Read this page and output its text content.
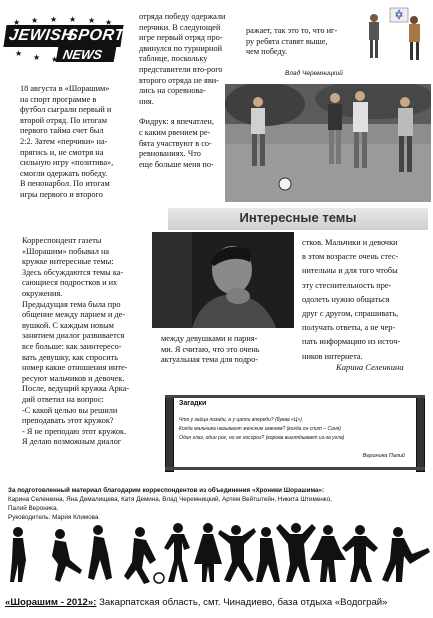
JEWISH
SPORT
NEWS
★ ★ ★ ★ ★ ★
★ ★ ★
18 августа в «Шорашим»
на спорт программе в
футбол сыграли первый и
второй отряд. По итогам
первого тайма счет был
2:2. Затем «перчики» на-
прягись и, не смотря на
сильную игру «позитива»,
смогли одержать победу.
В пенонарбол. По итогам
игры первого и второго
отряда победу одержали
перчики. В следующей
игре первый отряд про-
двинулся по турнирной
таблице, поскольку
представители вто-рого
второго отряда не яви-
лись на соревнова-
ния.
Фидрук: я впечатлен,
с каким рвением ре-
бята участвуют в со-
ревнованиях. Что
еще больше меня по-
ражает, так это то, что иг-
ру ребята ставят выше,
чем победу.
Влад Черемницкий
Интересные темы
Корреспондент газеты
«Шорашим» побывал на
кружке интересные темы:
Здесь обсуждаются темы ка-
сающиеся подростков и их
окружения.
Предыдущая тема была про
общение между парнем и де-
вушкой. С каждым новым
занятием диалог развивается
все больше: как заинтересо-
вать девушку, как спросить
номер какие отношения инте-
ресуют мальчиков и девочек.
После, ведущий кружка Арка-
дий ответил на вопрос:
-С какой целью вы решили
преподавать этот кружок?
- Я не преподаю этот кружок.
Я делаю возможным диалог
между девушками и парня-
ми. Я считаю, что это очень
актуальная тема для подро-
стков. Мальчики и девочки
в этом возрасте очень стес-
нительны и для того чтобы
эту стеснительность пре-
одолеть нужно общаться
друг с другом, спрашивать,
получать ответы, а не чер-
пать информацию из источ-
ников интернета.
Карина Селенкина
Загадки
Что у зайца позади, а у цапли впереди? (буква «Ц»)
Когда мальчика называют женским именем? (когда он спит – Соня)
Один глаз, один рог, но не носорог? (корова выглядывает из-за угла)
Вероника Палий
За подготовленный материал благодарим корреспондентов из объединения «Хроники Шорашима»:
Карина Селенкина, Яна Демалищева, Катя Демина, Влад Черемницкий, Артем Вейтштейн, Никита Штименко,
Палий Вероника.
Руководитель: Мария Климова
«Шорашим - 2012»: Закарпатская область, смт. Чинадиево, база отдыха «Водограй»
